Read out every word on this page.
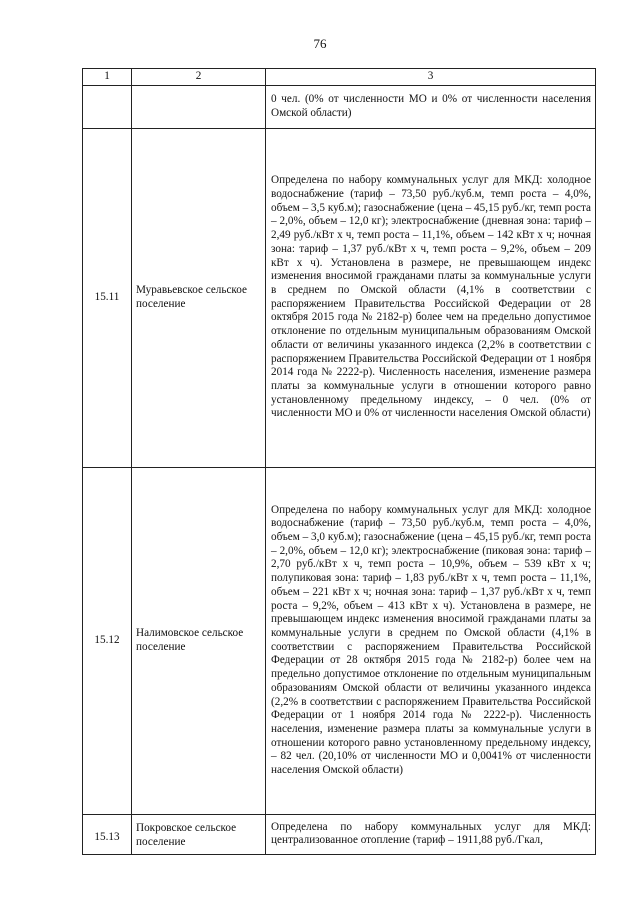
76
1	2	3
		0 чел. (0% от численности МО и 0% от численности населения Омской области)
15.11	Муравьевское сельское поселение	Определена по набору коммунальных услуг для МКД: холодное водоснабжение (тариф – 73,50 руб./куб.м, темп роста – 4,0%, объем – 3,5 куб.м); газоснабжение (цена – 45,15 руб./кг, темп роста – 2,0%, объем – 12,0 кг); электроснабжение (дневная зона: тариф – 2,49 руб./кВт х ч, темп роста – 11,1%, объем – 142 кВт х ч; ночная зона: тариф – 1,37 руб./кВт х ч, темп роста – 9,2%, объем – 209 кВт х ч). Установлена в размере, не превышающем индекс изменения вносимой гражданами платы за коммунальные услуги в среднем по Омской области (4,1% в соответствии с распоряжением Правительства Российской Федерации от 28 октября 2015 года № 2182-р) более чем на предельно допустимое отклонение по отдельным муниципальным образованиям Омской области от величины указанного индекса (2,2% в соответствии с распоряжением Правительства Российской Федерации от 1 ноября 2014 года № 2222-р). Численность населения, изменение размера платы за коммунальные услуги в отношении которого равно установленному предельному индексу, – 0 чел. (0% от численности МО и 0% от численности населения Омской области)
15.12	Налимовское сельское поселение	Определена по набору коммунальных услуг для МКД: холодное водоснабжение (тариф – 73,50 руб./куб.м, темп роста – 4,0%, объем – 3,0 куб.м); газоснабжение (цена – 45,15 руб./кг, темп роста – 2,0%, объем – 12,0 кг); электроснабжение (пиковая зона: тариф – 2,70 руб./кВт х ч, темп роста – 10,9%, объем – 539 кВт х ч; полупиковая зона: тариф – 1,83 руб./кВт х ч, темп роста – 11,1%, объем – 221 кВт х ч; ночная зона: тариф – 1,37 руб./кВт х ч, темп роста – 9,2%, объем – 413 кВт х ч). Установлена в размере, не превышающем индекс изменения вносимой гражданами платы за коммунальные услуги в среднем по Омской области (4,1% в соответствии с распоряжением Правительства Российской Федерации от 28 октября 2015 года № 2182-р) более чем на предельно допустимое отклонение по отдельным муниципальным образованиям Омской области от величины указанного индекса (2,2% в соответствии с распоряжением Правительства Российской Федерации от 1 ноября 2014 года № 2222-р). Численность населения, изменение размера платы за коммунальные услуги в отношении которого равно установленному предельному индексу, – 82 чел. (20,10% от численности МО и 0,0041% от численности населения Омской области)
15.13	Покровское сельское поселение	Определена по набору коммунальных услуг для МКД: централизованное отопление (тариф – 1911,88 руб./Гкал,
